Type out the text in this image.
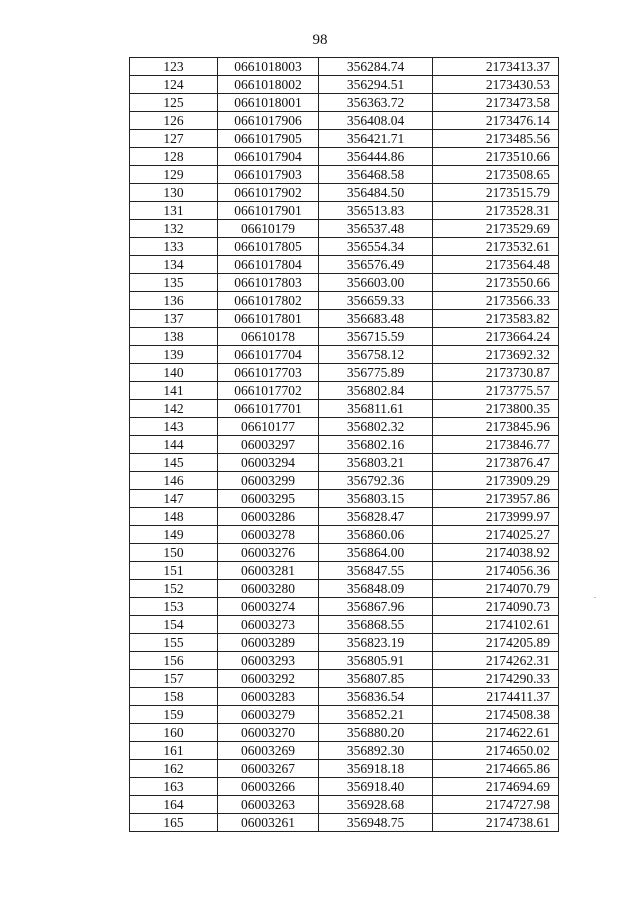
98
123	0661018003	356284.74	2173413.37
124	0661018002	356294.51	2173430.53
125	0661018001	356363.72	2173473.58
126	0661017906	356408.04	2173476.14
127	0661017905	356421.71	2173485.56
128	0661017904	356444.86	2173510.66
129	0661017903	356468.58	2173508.65
130	0661017902	356484.50	2173515.79
131	0661017901	356513.83	2173528.31
132	06610179	356537.48	2173529.69
133	0661017805	356554.34	2173532.61
134	0661017804	356576.49	2173564.48
135	0661017803	356603.00	2173550.66
136	0661017802	356659.33	2173566.33
137	0661017801	356683.48	2173583.82
138	06610178	356715.59	2173664.24
139	0661017704	356758.12	2173692.32
140	0661017703	356775.89	2173730.87
141	0661017702	356802.84	2173775.57
142	0661017701	356811.61	2173800.35
143	06610177	356802.32	2173845.96
144	06003297	356802.16	2173846.77
145	06003294	356803.21	2173876.47
146	06003299	356792.36	2173909.29
147	06003295	356803.15	2173957.86
148	06003286	356828.47	2173999.97
149	06003278	356860.06	2174025.27
150	06003276	356864.00	2174038.92
151	06003281	356847.55	2174056.36
152	06003280	356848.09	2174070.79
153	06003274	356867.96	2174090.73
154	06003273	356868.55	2174102.61
155	06003289	356823.19	2174205.89
156	06003293	356805.91	2174262.31
157	06003292	356807.85	2174290.33
158	06003283	356836.54	2174411.37
159	06003279	356852.21	2174508.38
160	06003270	356880.20	2174622.61
161	06003269	356892.30	2174650.02
162	06003267	356918.18	2174665.86
163	06003266	356918.40	2174694.69
164	06003263	356928.68	2174727.98
165	06003261	356948.75	2174738.61
